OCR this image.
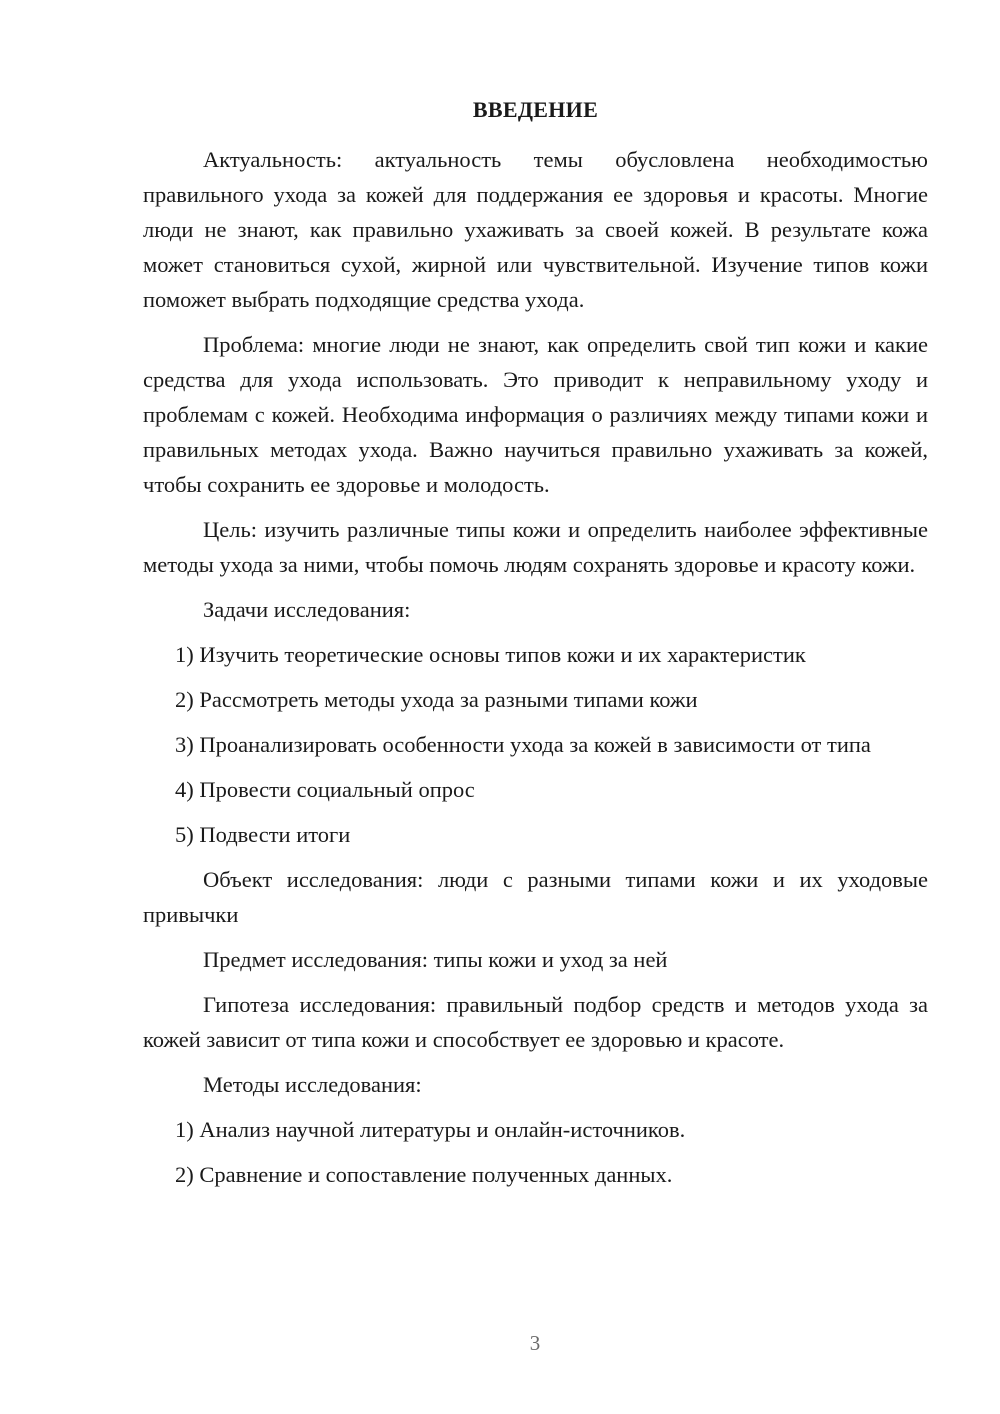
ВВЕДЕНИЕ

Актуальность: актуальность темы обусловлена необходимостью правильного ухода за кожей для поддержания ее здоровья и красоты. Многие люди не знают, как правильно ухаживать за своей кожей. В результате кожа может становиться сухой, жирной или чувствительной. Изучение типов кожи поможет выбрать подходящие средства ухода.

Проблема: многие люди не знают, как определить свой тип кожи и какие средства для ухода использовать. Это приводит к неправильному уходу и проблемам с кожей. Необходима информация о различиях между типами кожи и правильных методах ухода. Важно научиться правильно ухаживать за кожей, чтобы сохранить ее здоровье и молодость.

Цель: изучить различные типы кожи и определить наиболее эффективные методы ухода за ними, чтобы помочь людям сохранять здоровье и красоту кожи.

Задачи исследования:

1) Изучить теоретические основы типов кожи и их характеристик

2) Рассмотреть методы ухода за разными типами кожи

3) Проанализировать особенности ухода за кожей в зависимости от типа

4) Провести социальный опрос

5) Подвести итоги

Объект исследования: люди с разными типами кожи и их уходовые привычки

Предмет исследования: типы кожи и уход за ней

Гипотеза исследования: правильный подбор средств и методов ухода за кожей зависит от типа кожи и способствует ее здоровью и красоте.

Методы исследования:

1) Анализ научной литературы и онлайн-источников.

2) Сравнение и сопоставление полученных данных.

3
